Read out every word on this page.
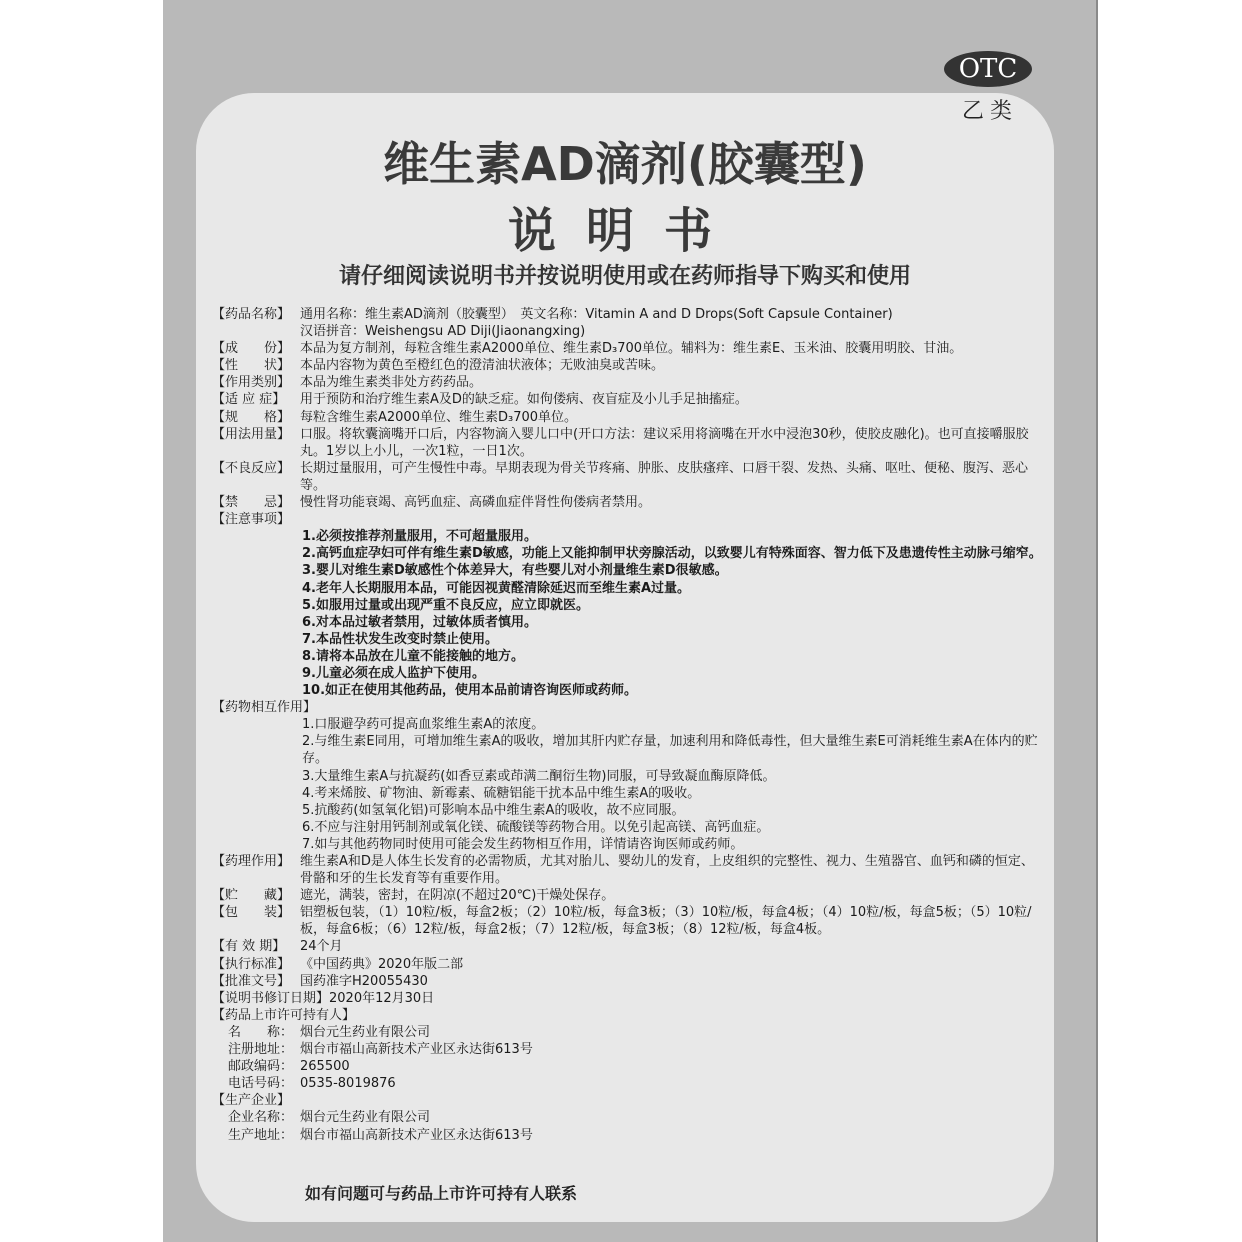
OTC
乙类
维生素AD滴剂(胶囊型)
说明书
请仔细阅读说明书并按说明使用或在药师指导下购买和使用
【药品名称】 通用名称：维生素AD滴剂（胶囊型）　英文名称：Vitamin A and D Drops(Soft Capsule Container)
汉语拼音：Weishengsu AD Diji(Jiaonangxing)
【成　　份】 本品为复方制剂，每粒含维生素A2000单位、维生素D₃700单位。辅料为：维生素E、玉米油、胶囊用明胶、甘油。
【性　　状】 本品内容物为黄色至橙红色的澄清油状液体；无败油臭或苦味。
【作用类别】 本品为维生素类非处方药药品。
【适 应 症】	用于预防和治疗维生素A及D的缺乏症。如佝偻病、夜盲症及小儿手足抽搐症。
【规　　格】 每粒含维生素A2000单位、维生素D₃700单位。
【用法用量】 口服。将软囊滴嘴开口后，内容物滴入婴儿口中(开口方法：建议采用将滴嘴在开水中浸泡30秒，使胶皮融化)。也可直接嚼服胶丸。1岁以上小儿，一次1粒，一日1次。
【不良反应】 长期过量服用，可产生慢性中毒。早期表现为骨关节疼痛、肿胀、皮肤瘙痒、口唇干裂、发热、头痛、呕吐、便秘、腹泻、恶心等。
【禁　　忌】 慢性肾功能衰竭、高钙血症、高磷血症伴肾性佝偻病者禁用。
【注意事项】
1.必须按推荐剂量服用，不可超量服用。
2.高钙血症孕妇可伴有维生素D敏感，功能上又能抑制甲状旁腺活动，以致婴儿有特殊面容、智力低下及患遗传性主动脉弓缩窄。
3.婴儿对维生素D敏感性个体差异大，有些婴儿对小剂量维生素D很敏感。
4.老年人长期服用本品，可能因视黄醛清除延迟而至维生素A过量。
5.如服用过量或出现严重不良反应，应立即就医。
6.对本品过敏者禁用，过敏体质者慎用。
7.本品性状发生改变时禁止使用。
8.请将本品放在儿童不能接触的地方。
9.儿童必须在成人监护下使用。
10.如正在使用其他药品，使用本品前请咨询医师或药师。
【药物相互作用】
1.口服避孕药可提高血浆维生素A的浓度。
2.与维生素E同用，可增加维生素A的吸收，增加其肝内贮存量，加速利用和降低毒性，但大量维生素E可消耗维生素A在体内的贮存。
3.大量维生素A与抗凝药(如香豆素或茚满二酮衍生物)同服，可导致凝血酶原降低。
4.考来烯胺、矿物油、新霉素、硫糖铝能干扰本品中维生素A的吸收。
5.抗酸药(如氢氧化铝)可影响本品中维生素A的吸收，故不应同服。
6.不应与注射用钙制剂或氧化镁、硫酸镁等药物合用。以免引起高镁、高钙血症。
7.如与其他药物同时使用可能会发生药物相互作用，详情请咨询医师或药师。
【药理作用】 维生素A和D是人体生长发育的必需物质，尤其对胎儿、婴幼儿的发育，上皮组织的完整性、视力、生殖器官、血钙和磷的恒定、骨骼和牙的生长发育等有重要作用。
【贮　　藏】 遮光，满装，密封，在阴凉(不超过20℃)干燥处保存。
【包　　装】 铝塑板包装，（1）10粒/板，每盒2板；（2）10粒/板，每盒3板；（3）10粒/板，每盒4板；（4）10粒/板，每盒5板；（5）10粒/板，每盒6板；（6）12粒/板，每盒2板；（7）12粒/板，每盒3板；（8）12粒/板，每盒4板。
【有 效 期】	24个月
【执行标准】 《中国药典》2020年版二部
【批准文号】 国药准字H20055430
【说明书修订日期】 2020年12月30日
【药品上市许可持有人】
名　　称： 烟台元生药业有限公司
注册地址： 烟台市福山高新技术产业区永达街613号
邮政编码： 265500
电话号码： 0535-8019876
【生产企业】
企业名称： 烟台元生药业有限公司
生产地址： 烟台市福山高新技术产业区永达街613号
如有问题可与药品上市许可持有人联系
